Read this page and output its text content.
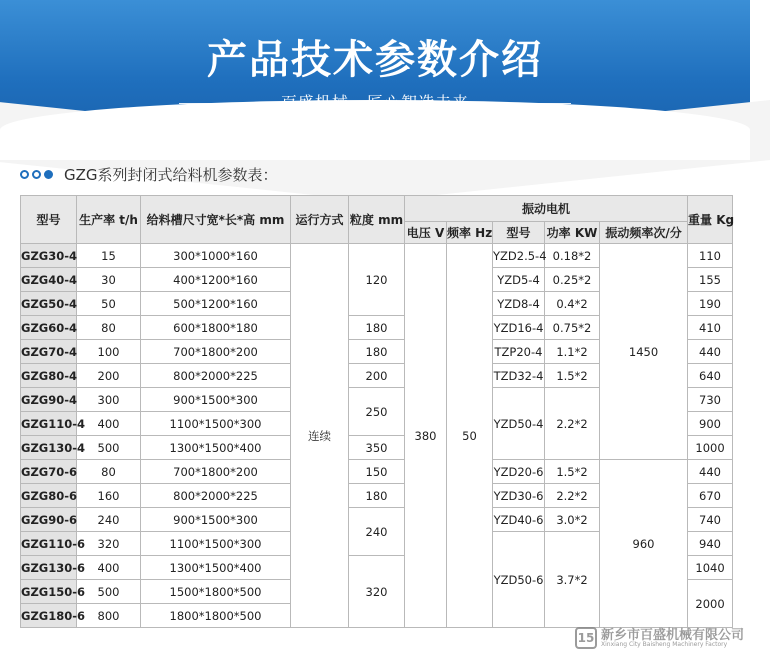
产品技术参数介绍
百盛机械 · 匠心智造未来
GZG系列封闭式给料机参数表：
型号	生产率 t/h	给料槽尺寸宽*长*高 mm	运行方式	粒度 mm	振动电机					重量 Kg
					电压 V	频率 Hz	型号	功率 KW	振动频率次/分	
GZG30-4	15	300*1000*160	连续	120	380	50	YZD2.5-4	0.18*2	1450	110
GZG40-4	30	400*1200*160					YZD5-4	0.25*2		155
GZG50-4	50	500*1200*160					YZD8-4	0.4*2		190
GZG60-4	80	600*1800*180		180			YZD16-4	0.75*2		410
GZG70-4	100	700*1800*200		180			TZP20-4	1.1*2		440
GZG80-4	200	800*2000*225		200			TZD32-4	1.5*2		640
GZG90-4	300	900*1500*300		250			YZD50-4	2.2*2		730
GZG110-4	400	1100*1500*300								900
GZG130-4	500	1300*1500*400		350						1000
GZG70-6	80	700*1800*200		150			YZD20-6	1.5*2	960	440
GZG80-6	160	800*2000*225		180			YZD30-6	2.2*2		670
GZG90-6	240	900*1500*300		240			YZD40-6	3.0*2		740
GZG110-6	320	1100*1500*300					YZD50-6	3.7*2		940
GZG130-6	400	1300*1500*400		320						1040
GZG150-6	500	1500*1800*500								2000
GZG180-6	800	1800*1800*500								
15 新乡市百盛机械有限公司
Xinxiang City Baisheng Machinery Factory
